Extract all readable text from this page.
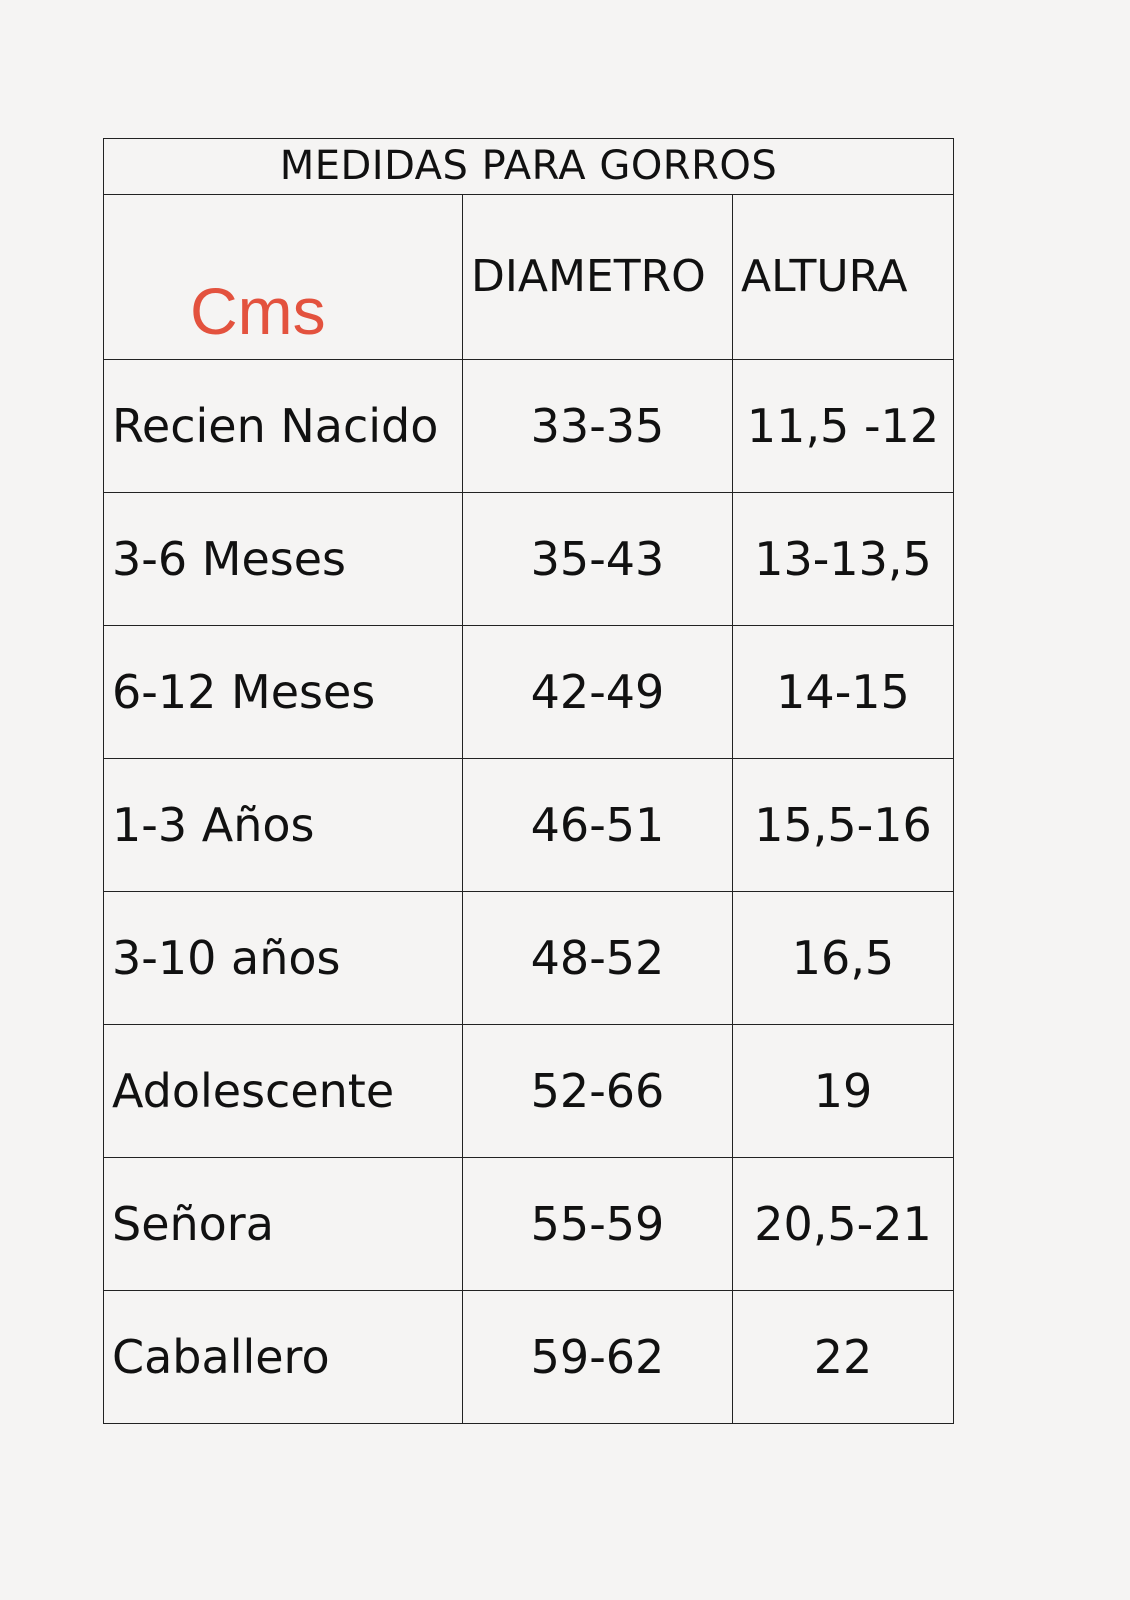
MEDIDAS PARA GORROS		

Cms	DIAMETRO	ALTURA
Recien Nacido	33-35	11,5 -12
3-6 Meses	35-43	13-13,5
6-12 Meses	42-49	14-15
1-3 Años	46-51	15,5-16
3-10 años	48-52	16,5
Adolescente	52-66	19
Señora	55-59	20,5-21
Caballero	59-62	22
